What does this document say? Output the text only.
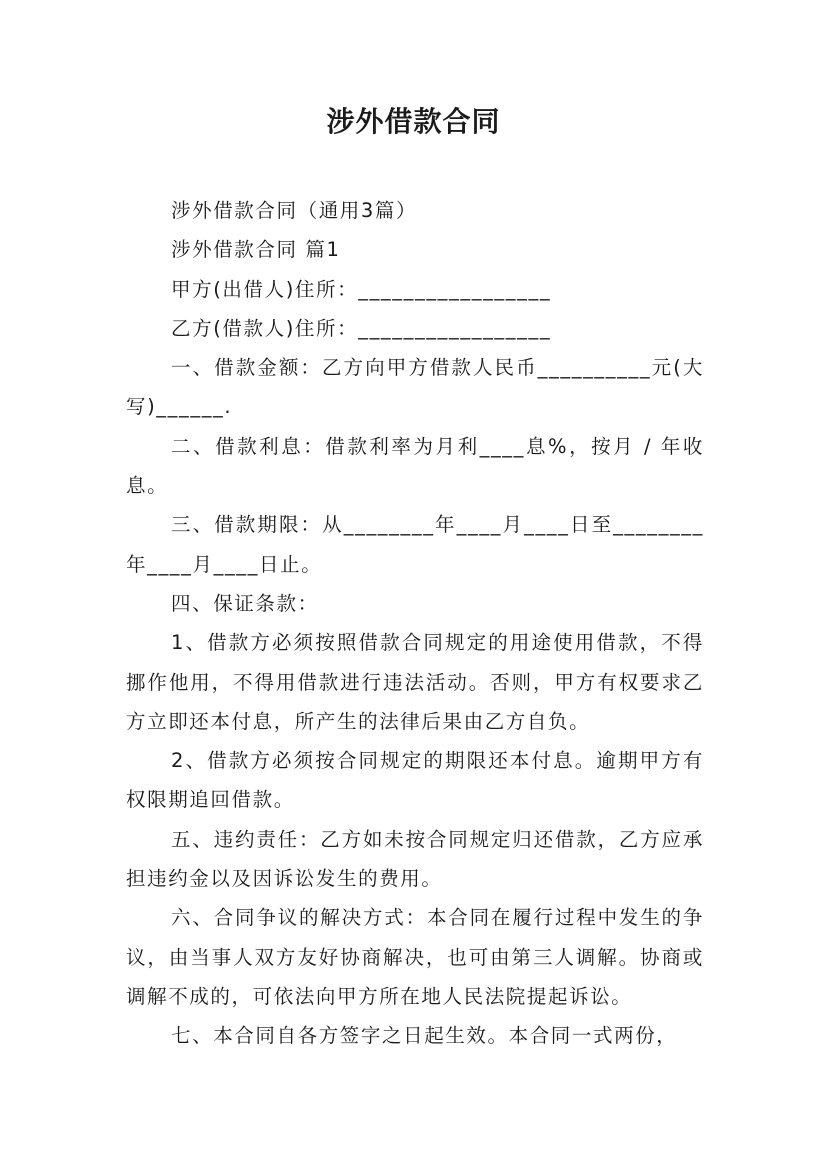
涉外借款合同

涉外借款合同（通用3篇）

涉外借款合同 篇1

甲方(出借人)住所：_________________

乙方(借款人)住所：_________________

一、借款金额：乙方向甲方借款人民币__________元(大写)______.

二、借款利息：借款利率为月利____息%，按月 / 年收息。

三、借款期限：从________年____月____日至________年____月____日止。

四、保证条款：

1、借款方必须按照借款合同规定的用途使用借款，不得挪作他用，不得用借款进行违法活动。否则，甲方有权要求乙方立即还本付息，所产生的法律后果由乙方自负。

2、借款方必须按合同规定的期限还本付息。逾期甲方有权限期追回借款。

五、违约责任：乙方如未按合同规定归还借款，乙方应承担违约金以及因诉讼发生的费用。

六、合同争议的解决方式：本合同在履行过程中发生的争议，由当事人双方友好协商解决，也可由第三人调解。协商或调解不成的，可依法向甲方所在地人民法院提起诉讼。

七、本合同自各方签字之日起生效。本合同一式两份，
